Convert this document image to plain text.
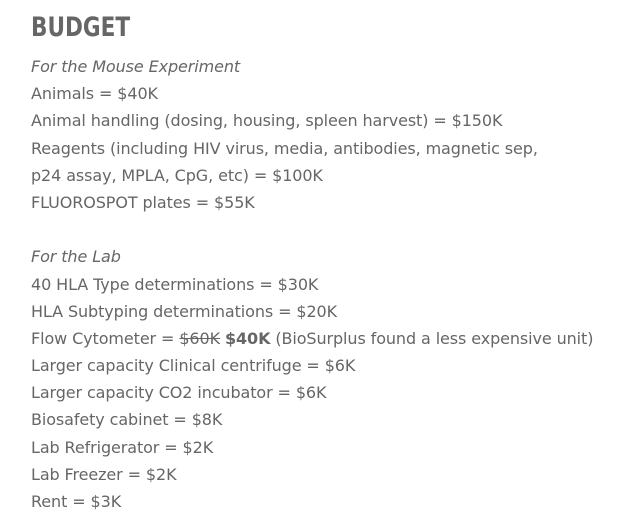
BUDGET
For the Mouse Experiment
Animals = $40K
Animal handling (dosing, housing, spleen harvest) = $150K
Reagents (including HIV virus, media, antibodies, magnetic sep,
p24 assay, MPLA, CpG, etc) = $100K
FLUOROSPOT plates = $55K
For the Lab
40 HLA Type determinations = $30K
HLA Subtyping determinations = $20K
Flow Cytometer = $60K $40K (BioSurplus found a less expensive unit)
Larger capacity Clinical centrifuge = $6K
Larger capacity CO2 incubator = $6K
Biosafety cabinet = $8K
Lab Refrigerator = $2K
Lab Freezer = $2K
Rent = $3K
